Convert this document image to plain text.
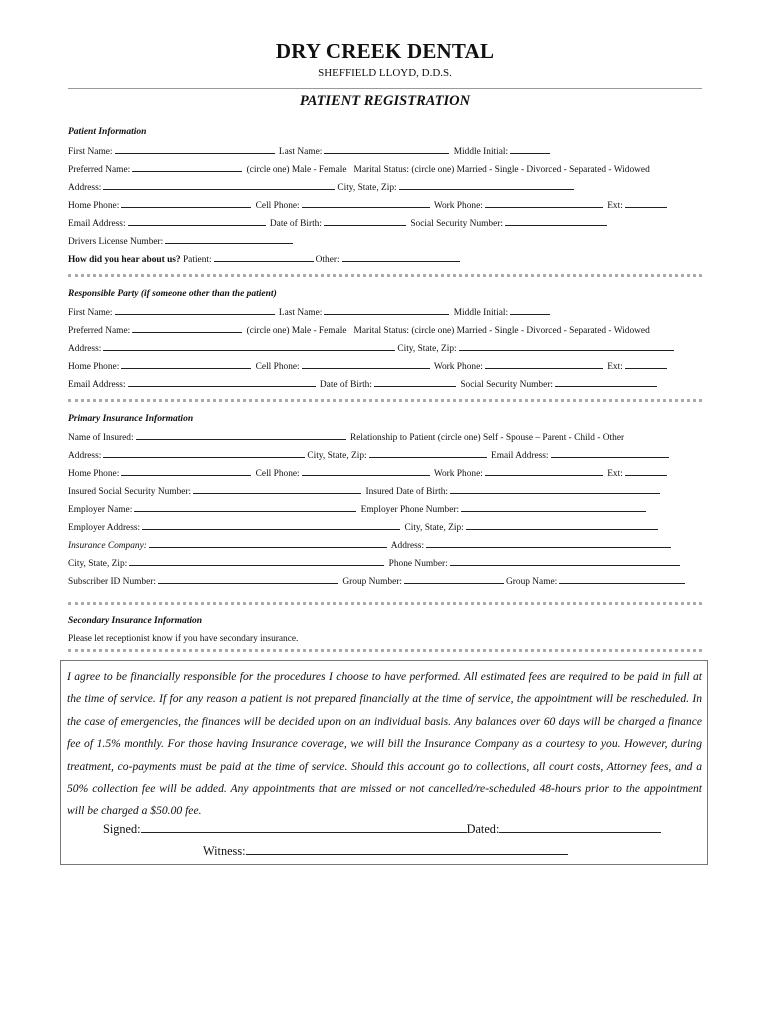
DRY CREEK DENTAL
SHEFFIELD LLOYD, D.D.S.
PATIENT REGISTRATION
Patient Information
First Name:	Last Name:	Middle Initial:
Preferred Name:	(circle one) Male - Female Marital Status: (circle one) Married - Single - Divorced - Separated - Widowed
Address:	City, State, Zip:
Home Phone:	Cell Phone:	Work Phone:	Ext:
Email Address:	Date of Birth:	Social Security Number:
Drivers License Number:
How did you hear about us? Patient:	Other:
Responsible Party (if someone other than the patient)
First Name:	Last Name:	Middle Initial:
Preferred Name:	(circle one) Male - Female Marital Status: (circle one) Married - Single - Divorced - Separated - Widowed
Address:	City, State, Zip:
Home Phone:	Cell Phone:	Work Phone:	Ext:
Email Address:	Date of Birth:	Social Security Number:
Primary Insurance Information
Name of Insured:	Relationship to Patient (circle one) Self - Spouse – Parent - Child - Other
Address:	City, State, Zip:	Email Address:
Home Phone:	Cell Phone:	Work Phone:	Ext:
Insured Social Security Number:	Insured Date of Birth:
Employer Name:	Employer Phone Number:
Employer Address:	City, State, Zip:
Insurance Company:	Address:
City, State, Zip:	Phone Number:
Subscriber ID Number:	Group Number:	Group Name:
Secondary Insurance Information
Please let receptionist know if you have secondary insurance.
I agree to be financially responsible for the procedures I choose to have performed. All estimated fees are required to be paid in full at the time of service. If for any reason a patient is not prepared financially at the time of service, the appointment will be rescheduled. In the case of emergencies, the finances will be decided upon on an individual basis. Any balances over 60 days will be charged a finance fee of 1.5% monthly. For those having Insurance coverage, we will bill the Insurance Company as a courtesy to you. However, during treatment, co-payments must be paid at the time of service. Should this account go to collections, all court costs, Attorney fees, and a 50% collection fee will be added. Any appointments that are missed or not cancelled/re-scheduled 48-hours prior to the appointment will be charged a $50.00 fee.
Signed:	Dated:
Witness:
